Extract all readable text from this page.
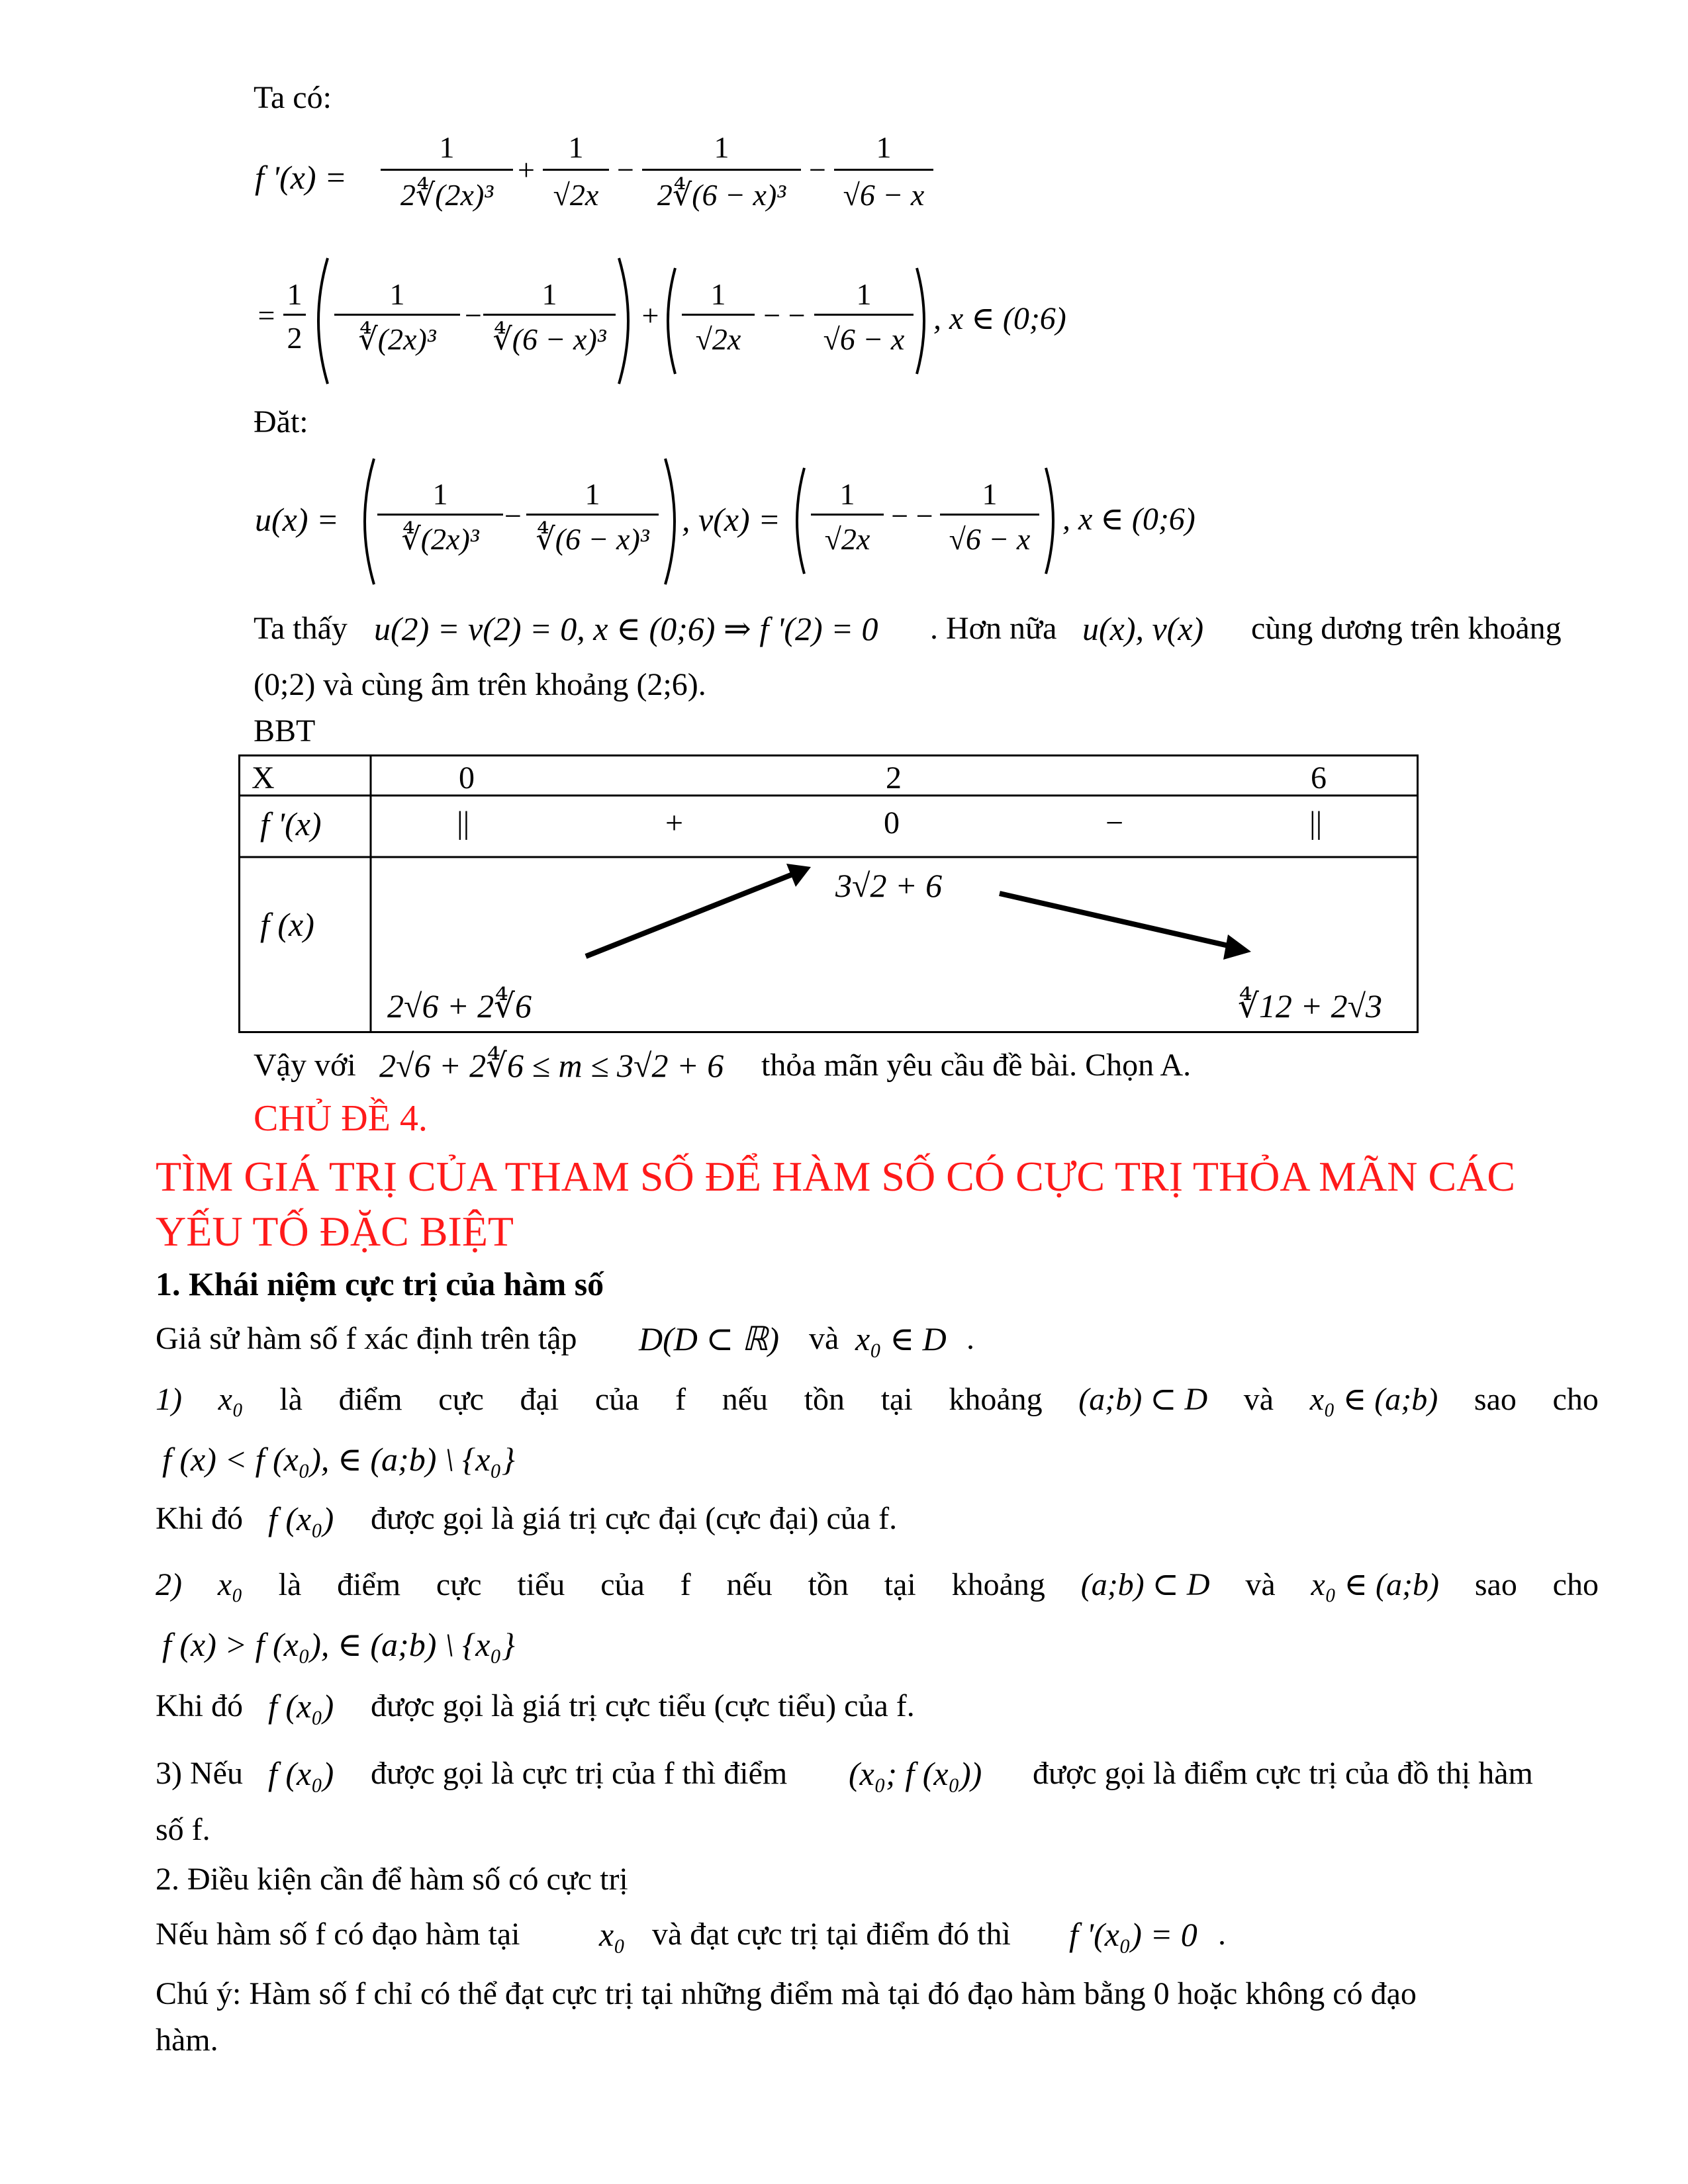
Ta có:
f '(x) =
1
2∜(2x)³
+
1
√2x
−
1
2∜(6 − x)³
−
1
√6 − x
=
1
2
1
∜(2x)³
−
1
∜(6 − x)³
+
1
√2x
− −
1
√6 − x
, x ∈ (0;6)
Đăt:
u(x) =
1
∜(2x)³
−
1
∜(6 − x)³
, v(x) =
1
√2x
− −
1
√6 − x
, x ∈ (0;6)
Ta thấy u(2) = v(2) = 0, x ∈ (0;6) ⇒ f '(2) = 0 . Hơn nữa u(x), v(x) cùng dương trên khoảng
(0;2) và cùng âm trên khoảng (2;6).
BBT
X	0	2	6
f '(x)	||	+	0	−	||
f (x)
3√2 + 6
2√6 + 2∜6	∜12 + 2√3
Vậy với 2√6 + 2∜6 ≤ m ≤ 3√2 + 6 thỏa mãn yêu cầu đề bài. Chọn A.
CHỦ ĐỀ 4.
TÌM GIÁ TRỊ CỦA THAM SỐ ĐỂ HÀM SỐ CÓ CỰC TRỊ THỎA MÃN CÁC
YẾU TỐ ĐẶC BIỆT
1. Khái niệm cực trị của hàm số
Giả sử hàm số f xác định trên tập D(D ⊂ ℝ) và x₀ ∈ D .
1) x₀ là điểm cực đại của f nếu tồn tại khoảng (a;b) ⊂ D và x₀ ∈ (a;b) sao cho
f (x) < f (x₀), ∈ (a;b) \ {x₀}
Khi đó f (x₀) được gọi là giá trị cực đại (cực đại) của f.
2) x₀ là điểm cực tiểu của f nếu tồn tại khoảng (a;b) ⊂ D và x₀ ∈ (a;b) sao cho
f (x) > f (x₀), ∈ (a;b) \ {x₀}
Khi đó f (x₀) được gọi là giá trị cực tiểu (cực tiểu) của f.
3) Nếu f (x₀) được gọi là cực trị của f thì điểm (x₀; f (x₀)) được gọi là điểm cực trị của đồ thị hàm
số f.
2. Điều kiện cần để hàm số có cực trị
Nếu hàm số f có đạo hàm tại x₀ và đạt cực trị tại điểm đó thì f '(x₀) = 0 .
Chú ý: Hàm số f chỉ có thể đạt cực trị tại những điểm mà tại đó đạo hàm bằng 0 hoặc không có đạo
hàm.
